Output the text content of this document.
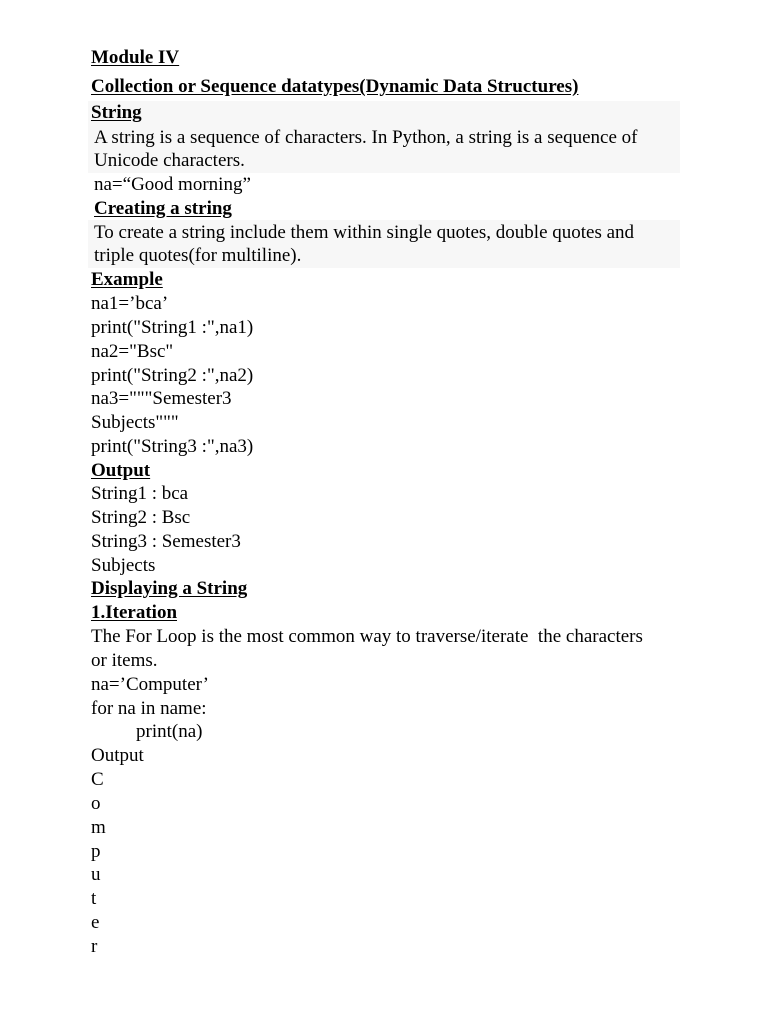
Module IV
Collection or Sequence datatypes(Dynamic Data Structures)
String
A string is a sequence of characters. In Python, a string is a sequence of
Unicode characters.
na=“Good morning”
Creating a string
To create a string include them within single quotes, double quotes and
triple quotes(for multiline).
Example
na1=’bca’
print("String1 :",na1)
na2="Bsc"
print("String2 :",na2)
na3="""Semester3
Subjects"""
print("String3 :",na3)
Output
String1 : bca
String2 : Bsc
String3 : Semester3
Subjects
Displaying a String
1.Iteration
The For Loop is the most common way to traverse/iterate  the characters
or items.
na=’Computer’
for na in name:
print(na)
Output
C
o
m
p
u
t
e
r
